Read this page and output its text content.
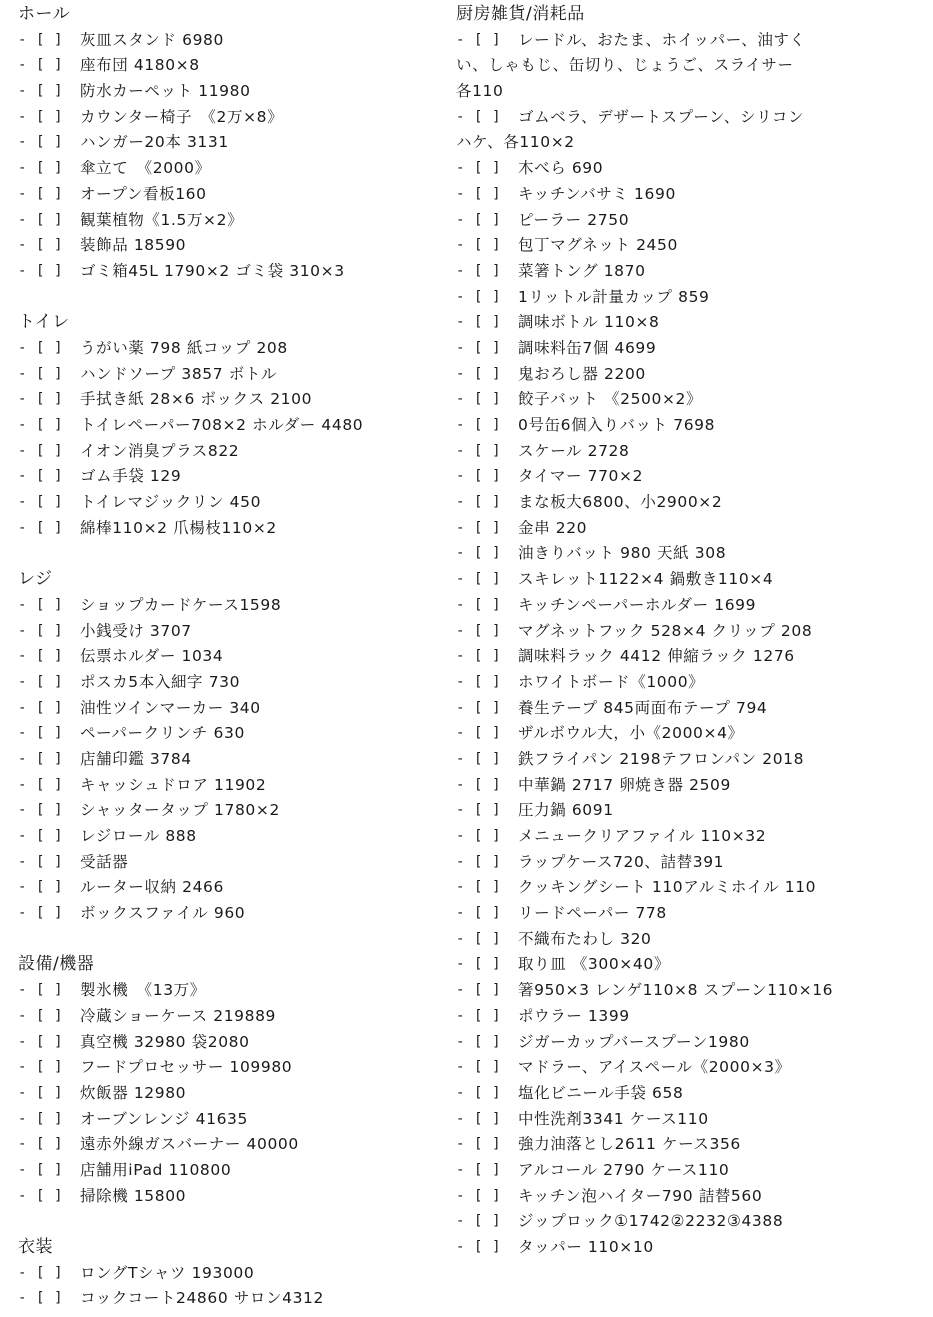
ホール
- [ ]	灰皿スタンド 6980
- [ ]	座布団 4180×8
- [ ]	防水カーペット 11980
- [ ]	カウンター椅子　《2万×8》
- [ ]	ハンガー20本 3131
- [ ]	傘立て　《2000》
- [ ]	オープン看板160
- [ ]	観葉植物《1.5万×2》
- [ ]	装飾品 18590
- [ ]	ゴミ箱45L 1790×2 ゴミ袋 310×3
トイレ
- [ ]	うがい薬 798 紙コップ 208
- [ ]	ハンドソープ 3857 ボトル
- [ ]	手拭き紙 28×6 ボックス 2100
- [ ]	トイレペーパー708×2 ホルダー 4480
- [ ]	イオン消臭プラス822
- [ ]	ゴム手袋 129
- [ ]	トイレマジックリン 450
- [ ]	綿棒110×2 爪楊枝110×2
レジ
- [ ]	ショップカードケース1598
- [ ]	小銭受け 3707
- [ ]	伝票ホルダー 1034
- [ ]	ポスカ5本入細字 730
- [ ]	油性ツインマーカー 340
- [ ]	ペーパークリンチ 630
- [ ]	店舗印鑑 3784
- [ ]	キャッシュドロア 11902
- [ ]	シャッタータップ 1780×2
- [ ]	レジロール 888
- [ ]	受話器
- [ ]	ルーター収納 2466
- [ ]	ボックスファイル 960
設備/機器
- [ ]	製氷機　《13万》
- [ ]	冷蔵ショーケース 219889
- [ ]	真空機 32980 袋2080
- [ ]	フードプロセッサー 109980
- [ ]	炊飯器 12980
- [ ]	オーブンレンジ 41635
- [ ]	遠赤外線ガスバーナー 40000
- [ ]	店舗用iPad 110800
- [ ]	掃除機 15800
衣装
- [ ]	ロングTシャツ 193000
- [ ]	コックコート24860 サロン4312
厨房雑貨/消耗品
- [ ]	レードル、おたま、ホイッパー、油すく
い、しゃもじ、缶切り、じょうご、スライサー
各110
- [ ]	ゴムベラ、デザートスプーン、シリコン
ハケ、各110×2
- [ ]	木べら 690
- [ ]	キッチンバサミ 1690
- [ ]	ピーラー 2750
- [ ]	包丁マグネット 2450
- [ ]	菜箸トング 1870
- [ ]	1リットル計量カップ 859
- [ ]	調味ボトル 110×8
- [ ]	調味料缶7個 4699
- [ ]	鬼おろし器 2200
- [ ]	餃子バット 《2500×2》
- [ ]	0号缶6個入りバット 7698
- [ ]	スケール 2728
- [ ]	タイマー 770×2
- [ ]	まな板大6800、小2900×2
- [ ]	金串 220
- [ ]	油きりバット 980 天紙 308
- [ ]	スキレット1122×4 鍋敷き110×4
- [ ]	キッチンペーパーホルダー 1699
- [ ]	マグネットフック 528×4 クリップ 208
- [ ]	調味料ラック 4412 伸縮ラック 1276
- [ ]	ホワイトボード《1000》
- [ ]	養生テープ 845両面布テープ 794
- [ ]	ザルボウル大，小《2000×4》
- [ ]	鉄フライパン 2198テフロンパン 2018
- [ ]	中華鍋 2717 卵焼き器 2509
- [ ]	圧力鍋 6091
- [ ]	メニュークリアファイル 110×32
- [ ]	ラップケース720、詰替391
- [ ]	クッキングシート 110アルミホイル 110
- [ ]	リードペーパー 778
- [ ]	不織布たわし 320
- [ ]	取り皿 《300×40》
- [ ]	箸950×3 レンゲ110×8 スプーン110×16
- [ ]	ポウラー 1399
- [ ]	ジガーカップバースプーン1980
- [ ]	マドラー、アイスペール《2000×3》
- [ ]	塩化ビニール手袋 658
- [ ]	中性洗剤3341 ケース110
- [ ]	強力油落とし2611 ケース356
- [ ]	アルコール 2790 ケース110
- [ ]	キッチン泡ハイター790 詰替560
- [ ]	ジップロック①1742②2232③4388
- [ ]	タッパー 110×10
